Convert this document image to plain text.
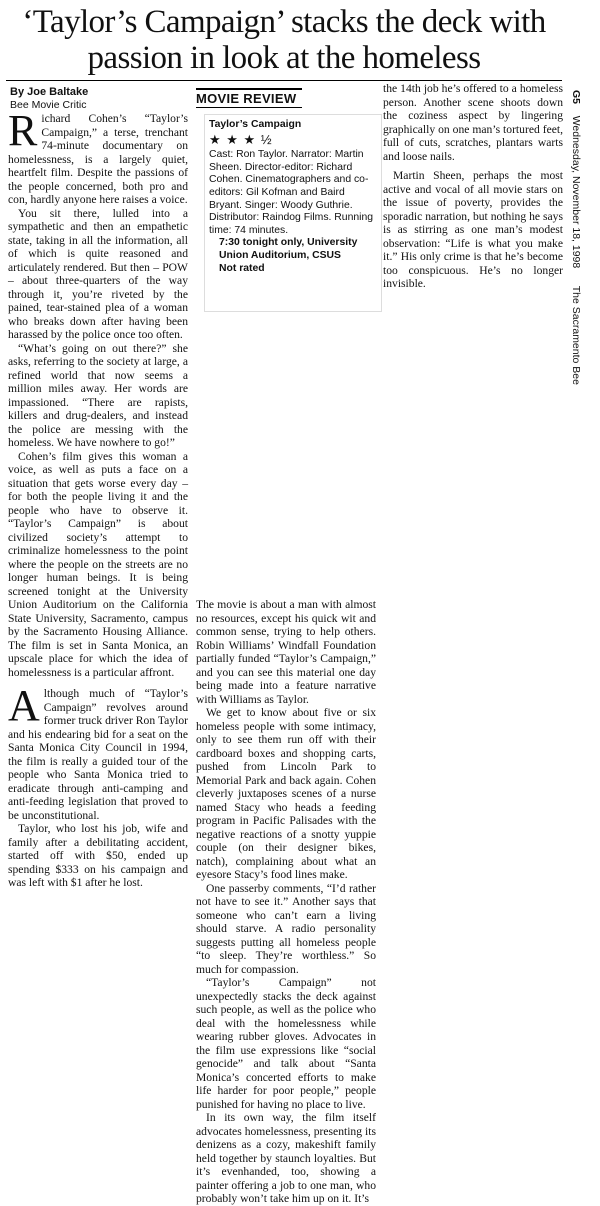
‘Taylor’s Campaign’ stacks the deck with passion in look at the homeless
By Joe Baltake
Bee Movie Critic

Richard Cohen’s “Taylor’s Campaign,” a terse, trenchant 74-minute documentary on homelessness, is a largely quiet, heartfelt film. Despite the passions of the people concerned, both pro and con, hardly anyone here raises a voice.

You sit there, lulled into a sympathetic and then an empathetic state, taking in all the information, all of which is quite reasoned and articulately rendered. But then – POW – about three-quarters of the way through it, you’re riveted by the pained, tear-stained plea of a woman who breaks down after having been harassed by the police once too often.

“What’s going on out there?” she asks, referring to the society at large, a refined world that now seems a million miles away. Her words are impassioned. “There are rapists, killers and drug-dealers, and instead the police are messing with the homeless. We have nowhere to go!”

Cohen’s film gives this woman a voice, as well as puts a face on a situation that gets worse every day – for both the people living it and the people who have to observe it. “Taylor’s Campaign” is about civilized society’s attempt to criminalize homelessness to the point where the people on the streets are no longer human beings. It is being screened tonight at the University Union Auditorium on the California State University, Sacramento, campus by the Sacramento Housing Alliance. The film is set in Santa Monica, an upscale place for which the idea of homelessness is a particular affront.

Although much of “Taylor’s Campaign” revolves around former truck driver Ron Taylor and his endearing bid for a seat on the Santa Monica City Council in 1994, the film is really a guided tour of the people who Santa Monica tried to eradicate through anti-camping and anti-feeding legislation that proved to be unconstitutional.

Taylor, who lost his job, wife and family after a debilitating accident, started off with $50, ended up spending $333 on his campaign and was left with $1 after he lost.

MOVIE REVIEW
Taylor’s Campaign
★ ★ ★ ½
Cast: Ron Taylor. Narrator: Martin Sheen. Director-editor: Richard Cohen. Cinematographers and co-editors: Gil Kofman and Baird Bryant. Singer: Woody Guthrie. Distributor: Raindog Films. Running time: 74 minutes.
7:30 tonight only, University Union Auditorium, CSUS
Not rated

The movie is about a man with almost no resources, except his quick wit and common sense, trying to help others. Robin Williams’ Windfall Foundation partially funded “Taylor’s Campaign,” and you can see this material one day being made into a feature narrative with Williams as Taylor.

We get to know about five or six homeless people with some intimacy, only to see them run off with their cardboard boxes and shopping carts, pushed from Lincoln Park to Memorial Park and back again. Cohen cleverly juxtaposes scenes of a nurse named Stacy who heads a feeding program in Pacific Palisades with the negative reactions of a snotty yuppie couple (on their designer bikes, natch), complaining about what an eyesore Stacy’s food lines make.

One passerby comments, “I’d rather not have to see it.” Another says that someone who can’t earn a living should starve. A radio personality suggests putting all homeless people “to sleep. They’re worthless.” So much for compassion.

“Taylor’s Campaign” not unexpectedly stacks the deck against such people, as well as the police who deal with the homelessness while wearing rubber gloves. Advocates in the film use expressions like “social genocide” and talk about “Santa Monica’s concerted efforts to make life harder for poor people,” people punished for having no place to live.

In its own way, the film itself advocates homelessness, presenting its denizens as a cozy, makeshift family held together by staunch loyalties. But it’s evenhanded, too, showing a painter offering a job to one man, who probably won’t take him up on it. It’s

the 14th job he’s offered to a homeless person. Another scene shoots down the coziness aspect by lingering graphically on one man’s tortured feet, full of cuts, scratches, plantars warts and loose nails.

Martin Sheen, perhaps the most active and vocal of all movie stars on the issue of poverty, provides the sporadic narration, but nothing he says is as stirring as one man’s modest observation: “Life is what you make it.” His only crime is that he’s become too conspicuous. He’s no longer invisible.

G5    Wednesday, November 18, 1998      The Sacramento Bee
